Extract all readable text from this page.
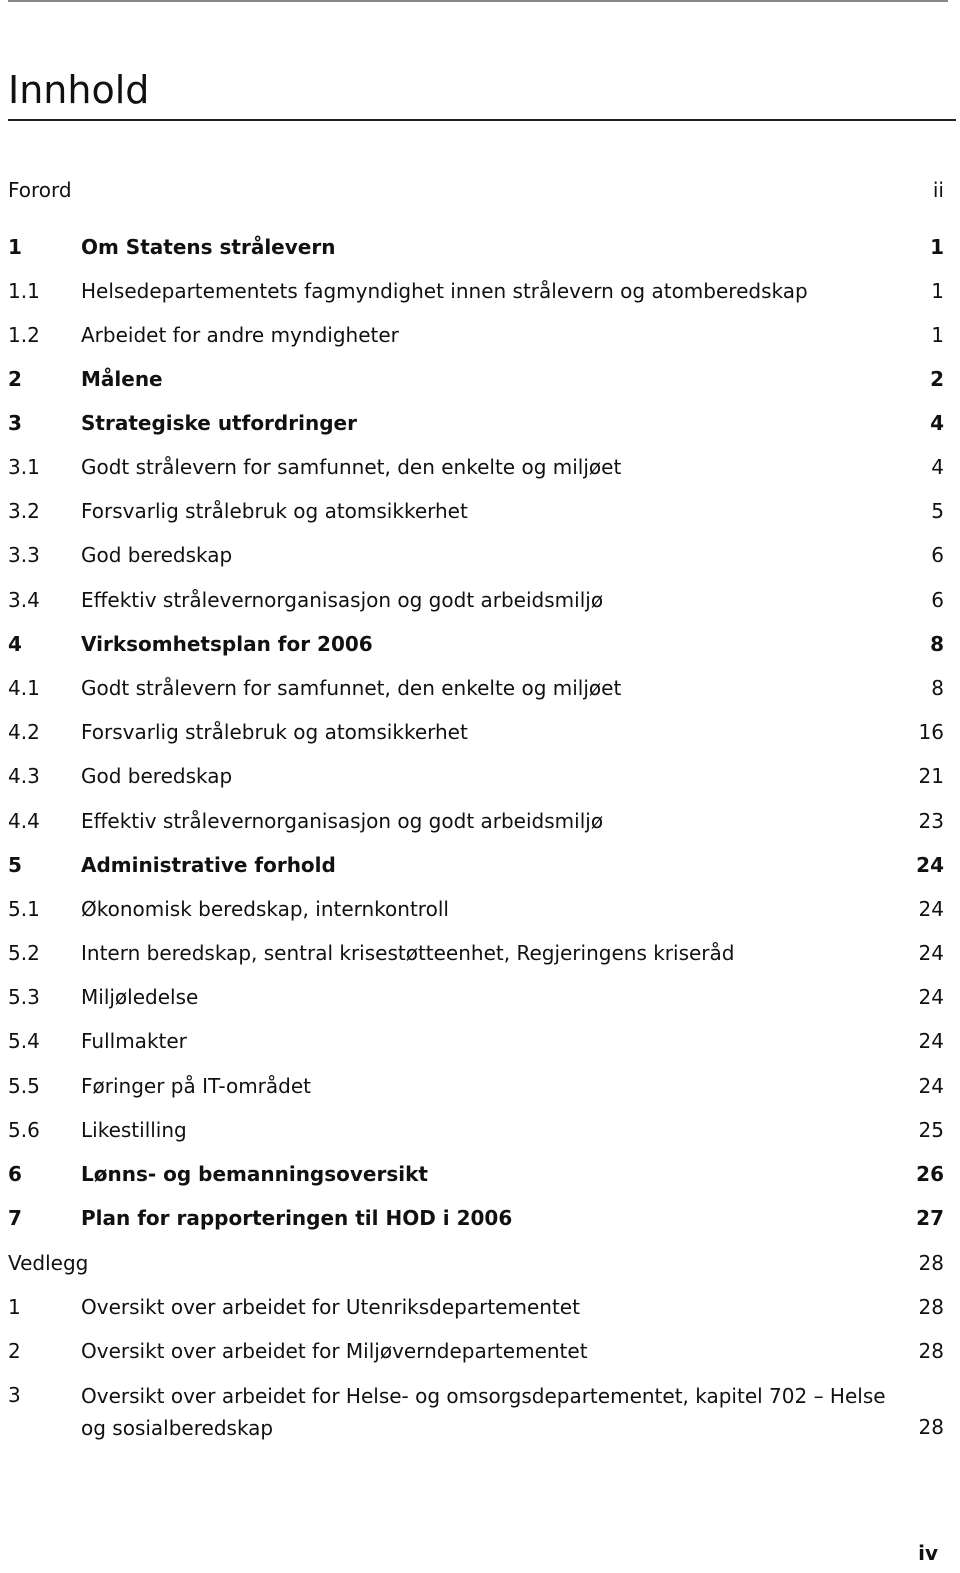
Innhold
Forord	ii
1	Om Statens strålevern	1
1.1 Helsedepartementets fagmyndighet innen strålevern og atomberedskap	1
1.2 Arbeidet for andre myndigheter	1
2	Målene	2
3	Strategiske utfordringer	4
3.1 Godt strålevern for samfunnet, den enkelte og miljøet	4
3.2 Forsvarlig strålebruk og atomsikkerhet	5
3.3 God beredskap	6
3.4 Effektiv strålevernorganisasjon og godt arbeidsmiljø	6
4	Virksomhetsplan for 2006	8
4.1 Godt strålevern for samfunnet, den enkelte og miljøet	8
4.2 Forsvarlig strålebruk og atomsikkerhet	16
4.3 God beredskap	21
4.4 Effektiv strålevernorganisasjon og godt arbeidsmiljø	23
5	Administrative forhold	24
5.1 Økonomisk beredskap, internkontroll	24
5.2 Intern beredskap, sentral krisestøtteenhet, Regjeringens kriseråd	24
5.3 Miljøledelse	24
5.4 Fullmakter	24
5.5 Føringer på IT-området	24
5.6 Likestilling	25
6	Lønns- og bemanningsoversikt	26
7	Plan for rapporteringen til HOD i 2006	27
Vedlegg	28
1	Oversikt over arbeidet for Utenriksdepartementet	28
2	Oversikt over arbeidet for Miljøverndepartementet	28
3	Oversikt over arbeidet for Helse- og omsorgsdepartementet, kapitel 702 – Helse og sosialberedskap	28
iv
